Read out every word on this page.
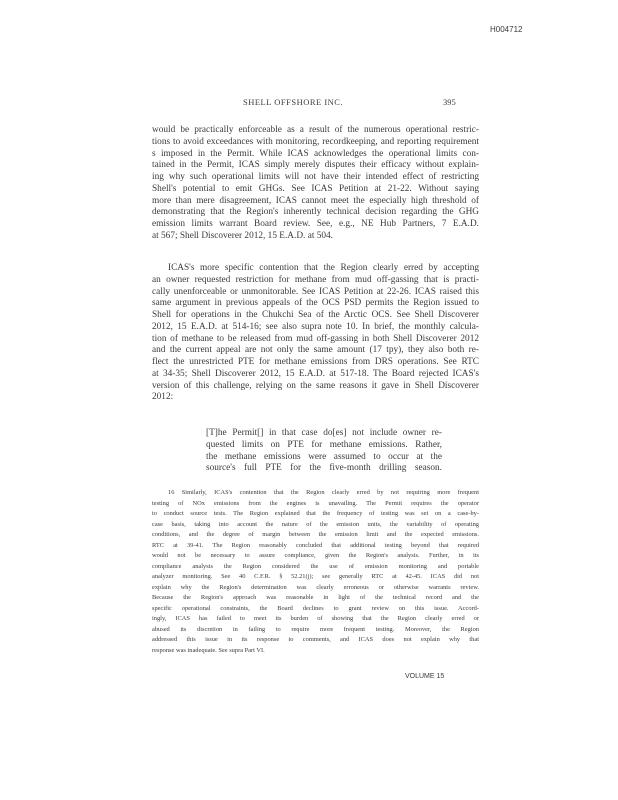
H004712
SHELL OFFSHORE INC.	395
would be practically enforceable as a result of the numerous operational restric-
tions to avoid exceedances with monitoring, recordkeeping, and reporting requirement
s imposed in the Permit. While ICAS acknowledges the operational limits con-
tained in the Permit, ICAS simply merely disputes their efficacy without explain-
ing why such operational limits will not have their intended effect of restricting
Shell's potential to emit GHGs. See ICAS Petition at 21-22. Without saying
more than mere disagreement, ICAS cannot meet the especially high threshold of
demonstrating that the Region's inherently technical decision regarding the GHG
emission limits warrant Board review. See, e.g., NE Hub Partners, 7 E.A.D.
at 567; Shell Discoverer 2012, 15 E.A.D. at 504.
ICAS's more specific contention that the Region clearly erred by accepting
an owner requested restriction for methane from mud off-gassing that is practi-
cally unenforceable or unmonitorable. See ICAS Petition at 22-26. ICAS raised this
same argument in previous appeals of the OCS PSD permits the Region issued to
Shell for operations in the Chukchi Sea of the Arctic OCS. See Shell Discoverer
2012, 15 E.A.D. at 514-16; see also supra note 10. In brief, the monthly calcula-
tion of methane to be released from mud off-gassing in both Shell Discoverer 2012
and the current appeal are not only the same amount (17 tpy), they also both re-
flect the unrestricted PTE for methane emissions from DRS operations. See RTC
at 34-35; Shell Discoverer 2012, 15 E.A.D. at 517-18. The Board rejected ICAS's
version of this challenge, relying on the same reasons it gave in Shell Discoverer
2012:
[T]he Permit[] in that case do[es] not include owner re-
quested limits on PTE for methane emissions. Rather,
the methane emissions were assumed to occur at the
source's full PTE for the five-month drilling season.
16 Similarly, ICAS's contention that the Region clearly erred by not requiring more frequent
testing of NOx emissions from the engines is unavailing. The Permit requires the operator
to conduct source tests. The Region explained that the frequency of testing was set on a case-by-
case basis, taking into account the nature of the emission units, the variability of operating
conditions, and the degree of margin between the emission limit and the expected emissions.
RTC at 39-41. The Region reasonably concluded that additional testing beyond that required
would not be necessary to assure compliance, given the Region's analysis. Further, in its
compliance analysis the Region considered the use of emission monitoring and portable
analyzer monitoring. See 40 C.F.R. § 52.21(j); see generally RTC at 42-45. ICAS did not
explain why the Region's determination was clearly erroneous or otherwise warrants review.
Because the Region's approach was reasonable in light of the technical record and the
specific operational constraints, the Board declines to grant review on this issue. Accord-
ingly, ICAS has failed to meet its burden of showing that the Region clearly erred or
abused its discretion in failing to require more frequent testing. Moreover, the Region
addressed this issue in its response to comments, and ICAS does not explain why that
response was inadequate. See supra Part VI.
VOLUME 15
